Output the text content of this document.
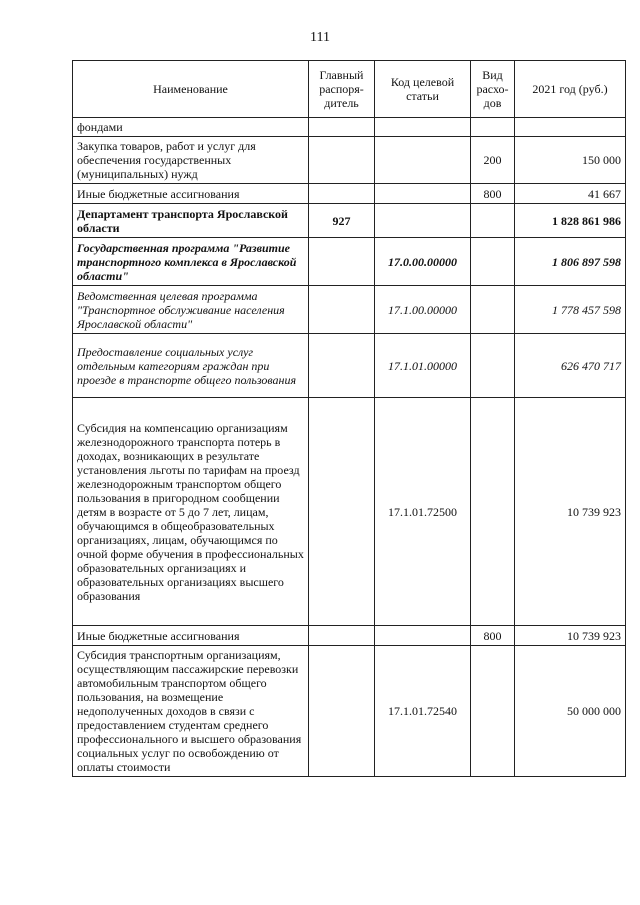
111
Наименование	Главный распоря- дитель	Код целевой статьи	Вид расхо- дов	2021 год (руб.)
фондами				
Закупка товаров, работ и услуг для обеспечения государственных (муниципальных) нужд			200	150 000
Иные бюджетные ассигнования			800	41 667
Департамент транспорта Ярославской области	927			1 828 861 986
Государственная программа "Развитие транспортного комплекса в Ярославской области"		17.0.00.00000		1 806 897 598
Ведомственная целевая программа "Транспортное обслуживание населения Ярославской области"		17.1.00.00000		1 778 457 598
Предоставление социальных услуг отдельным категориям граждан при проезде в транспорте общего пользования		17.1.01.00000		626 470 717
Субсидия на компенсацию организациям железнодорожного транспорта потерь в доходах, возникающих в результате установления льготы по тарифам на проезд железнодорожным транспортом общего пользования в пригородном сообщении детям в возрасте от 5 до 7 лет, лицам, обучающимся в общеобразовательных организациях, лицам, обучающимся по очной форме обучения в профессиональных образовательных организациях и образовательных организациях высшего образования		17.1.01.72500		10 739 923
Иные бюджетные ассигнования			800	10 739 923
Субсидия транспортным организациям, осуществляющим пассажирские перевозки автомобильным транспортом общего пользования, на возмещение недополученных доходов в связи с предоставлением студентам среднего профессионального и высшего образования социальных услуг по освобождению от оплаты стоимости		17.1.01.72540		50 000 000
